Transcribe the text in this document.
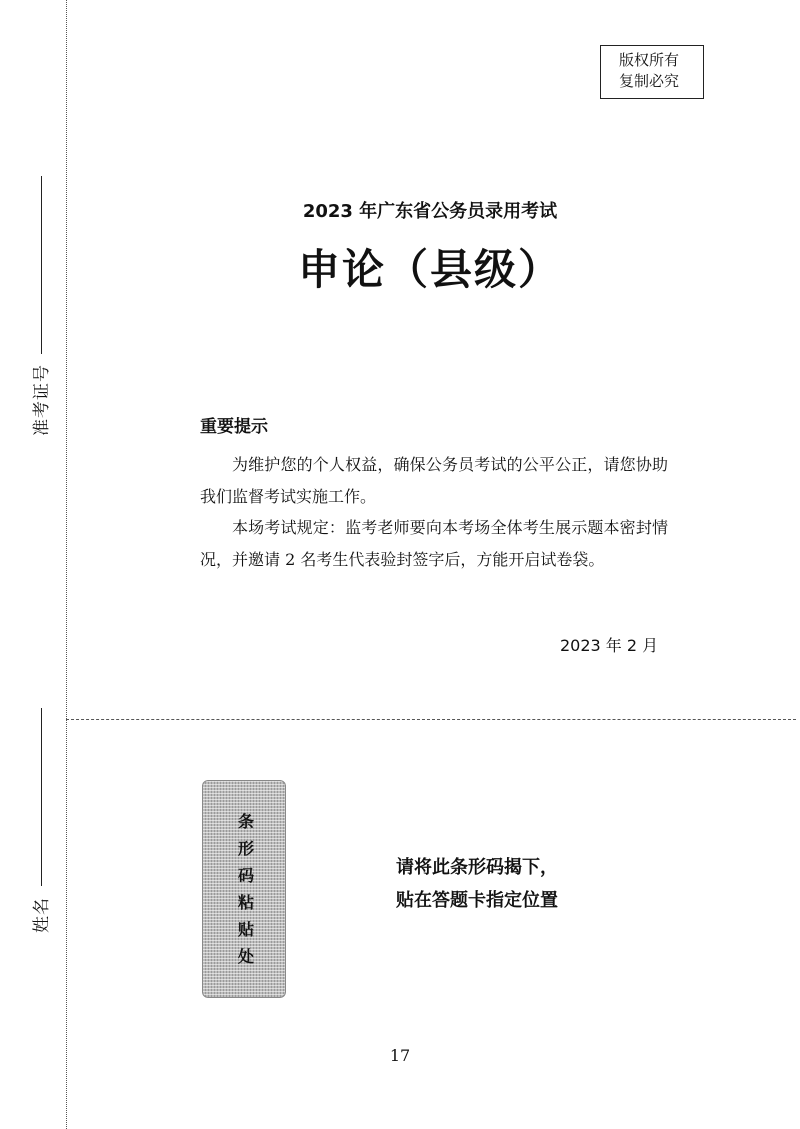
准考证号
姓名
版权所有
复制必究
2023 年广东省公务员录用考试
申论（县级）
重要提示
为维护您的个人权益，确保公务员考试的公平公正，请您协助我们监督考试实施工作。
本场考试规定：监考老师要向本考场全体考生展示题本密封情况，并邀请 2 名考生代表验封签字后，方能开启试卷袋。
2023 年 2 月
条形码粘贴处
请将此条形码揭下，
贴在答题卡指定位置
17
